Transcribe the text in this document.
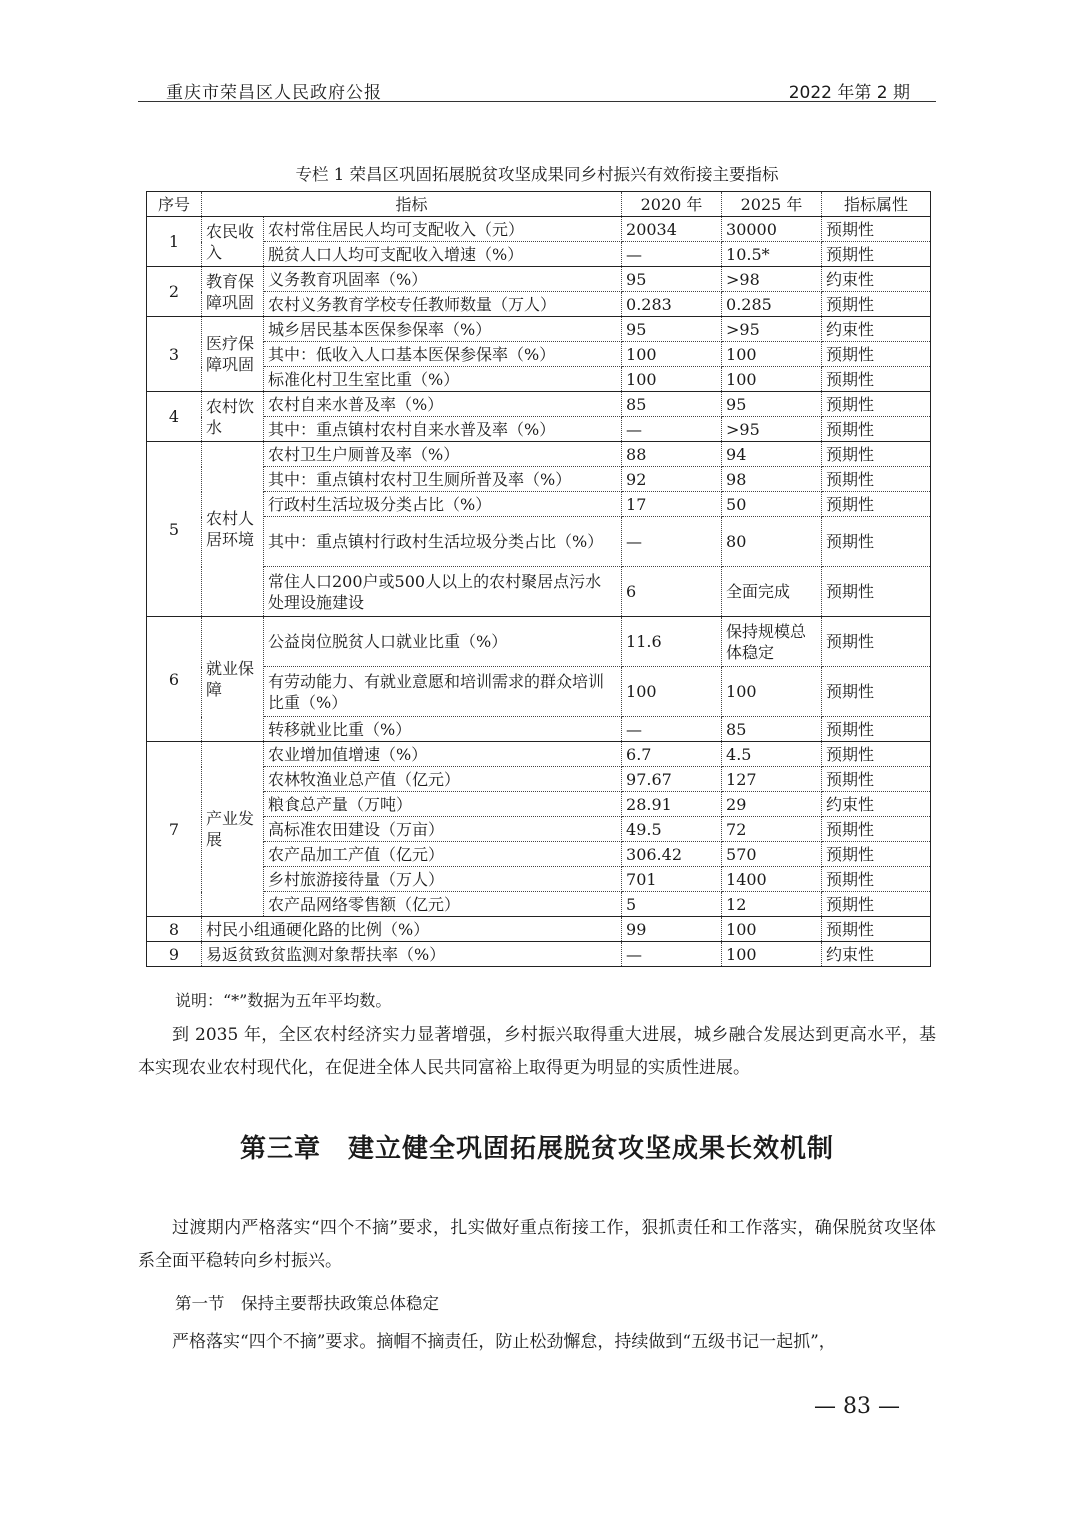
重庆市荣昌区人民政府公报	2022 年第 2 期
专栏 1 荣昌区巩固拓展脱贫攻坚成果同乡村振兴有效衔接主要指标
序号	指标		2020 年	2025 年	指标属性
1	农民收入	农村常住居民人均可支配收入（元）	20034	30000	预期性
		脱贫人口人均可支配收入增速（%）	—	10.5*	预期性
2	教育保障巩固	义务教育巩固率（%）	95	>98	约束性
		农村义务教育学校专任教师数量（万人）	0.283	0.285	预期性
3	医疗保障巩固	城乡居民基本医保参保率（%）	95	>95	约束性
		其中：低收入人口基本医保参保率（%）	100	100	预期性
		标准化村卫生室比重（%）	100	100	预期性
4	农村饮水	农村自来水普及率（%）	85	95	预期性
		其中：重点镇村农村自来水普及率（%）	—	>95	预期性
5	农村人居环境	农村卫生户厕普及率（%）	88	94	预期性
		其中：重点镇村农村卫生厕所普及率（%）	92	98	预期性
		行政村生活垃圾分类占比（%）	17	50	预期性
		其中：重点镇村行政村生活垃圾分类占比（%）	—	80	预期性
		常住人口200户或500人以上的农村聚居点污水处理设施建设	6	全面完成	预期性
6	就业保障	公益岗位脱贫人口就业比重（%）	11.6	保持规模总体稳定	预期性
		有劳动能力、有就业意愿和培训需求的群众培训比重（%）	100	100	预期性
		转移就业比重（%）	—	85	预期性
7	产业发展	农业增加值增速（%）	6.7	4.5	预期性
		农林牧渔业总产值（亿元）	97.67	127	预期性
		粮食总产量（万吨）	28.91	29	约束性
		高标准农田建设（万亩）	49.5	72	预期性
		农产品加工产值（亿元）	306.42	570	预期性
		乡村旅游接待量（万人）	701	1400	预期性
		农产品网络零售额（亿元）	5	12	预期性
8	村民小组通硬化路的比例（%）		99	100	预期性
9	易返贫致贫监测对象帮扶率（%）		—	100	约束性
说明：“*”数据为五年平均数。
到 2035 年，全区农村经济实力显著增强，乡村振兴取得重大进展，城乡融合发展达到更高水平，基本实现农业农村现代化，在促进全体人民共同富裕上取得更为明显的实质性进展。
第三章　建立健全巩固拓展脱贫攻坚成果长效机制
过渡期内严格落实“四个不摘”要求，扎实做好重点衔接工作，狠抓责任和工作落实，确保脱贫攻坚体系全面平稳转向乡村振兴。
第一节　保持主要帮扶政策总体稳定
严格落实“四个不摘”要求。摘帽不摘责任，防止松劲懈怠，持续做到“五级书记一起抓”，
— 83 —
